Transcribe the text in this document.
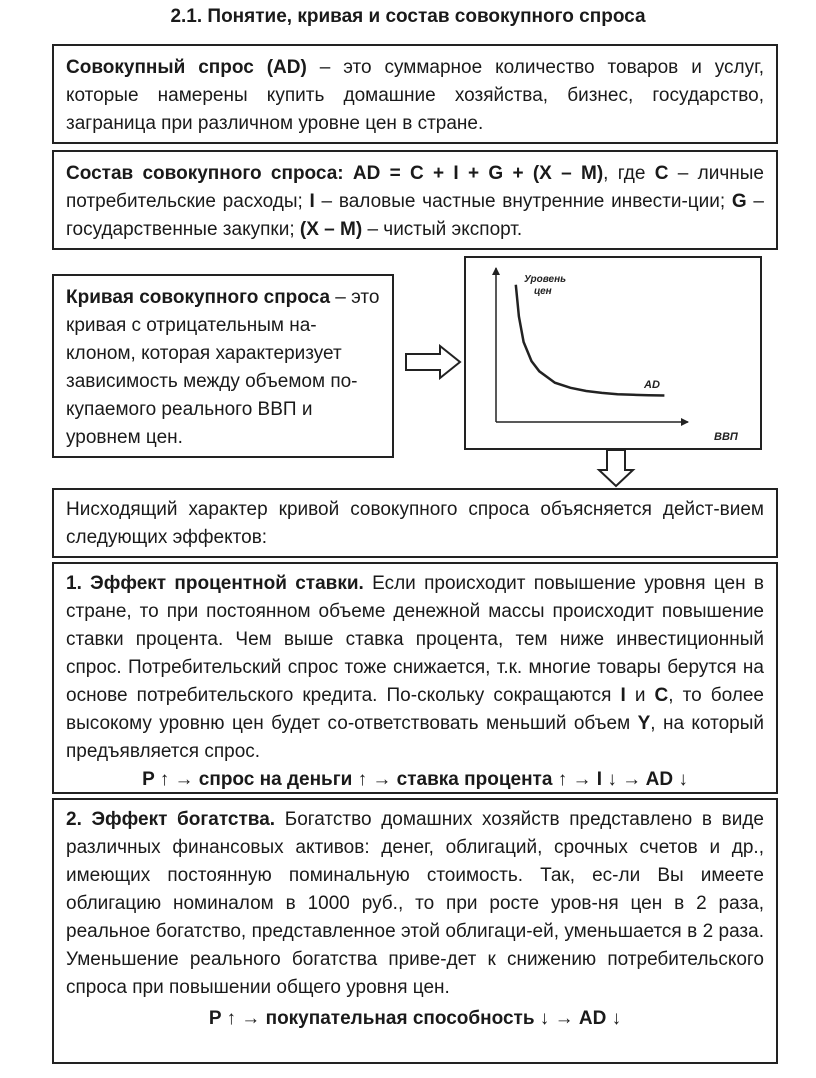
2.1. Понятие, кривая и состав совокупного спроса
Совокупный спрос (AD) – это суммарное количество товаров и услуг, которые намерены купить домашние хозяйства, бизнес, государство, заграница при различном уровне цен в стране.
Состав совокупного спроса: AD = C + I + G + (X – M), где C – личные потребительские расходы; I – валовые частные внутренние инвести-ции; G – государственные закупки; (X – M) – чистый экспорт.
Кривая совокупного спроса – это кривая с отрицательным на-клоном, которая характеризует зависимость между объемом по-купаемого реального ВВП и уровнем цен.
Уровень
цен
ВВП
AD
Нисходящий характер кривой совокупного спроса объясняется дейст-вием следующих эффектов:
1. Эффект процентной ставки. Если происходит повышение уровня цен в стране, то при постоянном объеме денежной массы происходит повышение ставки процента. Чем выше ставка процента, тем ниже инвестиционный спрос. Потребительский спрос тоже снижается, т.к. многие товары берутся на основе потребительского кредита. По-скольку сокращаются I и C, то более высокому уровню цен будет со-ответствовать меньший объем Y, на который предъявляется спрос.
P ↑ → спрос на деньги ↑ → ставка процента ↑ → I ↓ → AD ↓
2. Эффект богатства. Богатство домашних хозяйств представлено в виде различных финансовых активов: денег, облигаций, срочных счетов и др., имеющих постоянную поминальную стоимость. Так, ес-ли Вы имеете облигацию номиналом в 1000 руб., то при росте уров-ня цен в 2 раза, реальное богатство, представленное этой облигаци-ей, уменьшается в 2 раза. Уменьшение реального богатства приве-дет к снижению потребительского спроса при повышении общего уровня цен.
P ↑ → покупательная способность ↓ → AD ↓
